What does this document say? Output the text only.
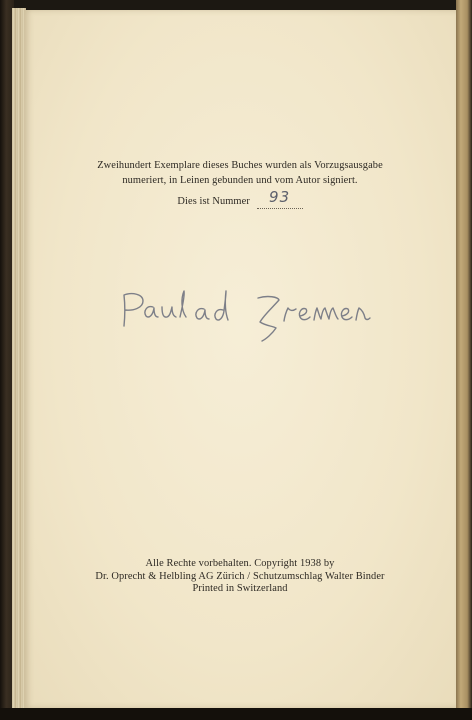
Zweihundert Exemplare dieses Buches wurden als Vorzugsausgabe
numeriert, in Leinen gebunden und vom Autor signiert.
Dies ist Nummer 93
Alle Rechte vorbehalten. Copyright 1938 by
Dr. Oprecht & Helbling AG Zürich / Schutzumschlag Walter Binder
Printed in Switzerland
